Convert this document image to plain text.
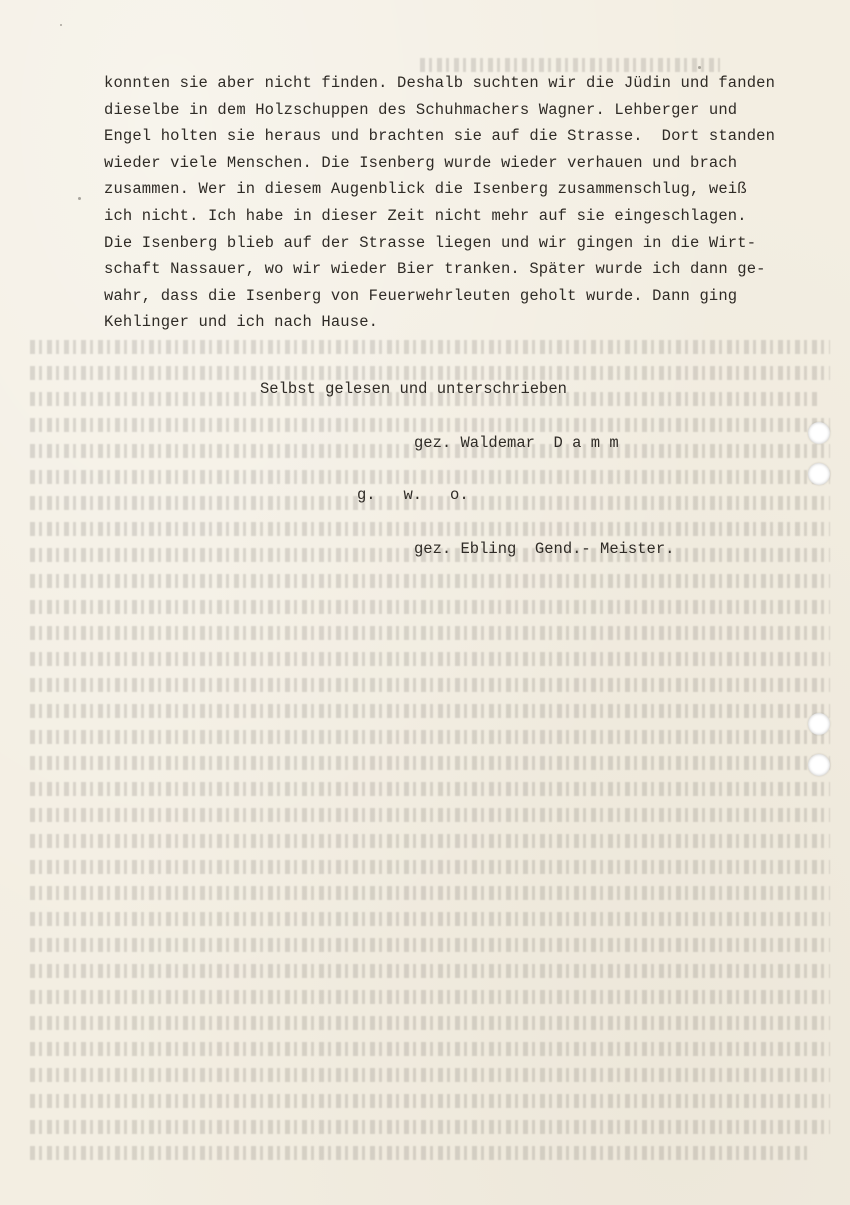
konnten sie aber nicht finden. Deshalb suchten wir die Jüdin und fanden
dieselbe in dem Holzschuppen des Schuhmachers Wagner. Lehberger und
Engel holten sie heraus und brachten sie auf die Strasse.  Dort standen
wieder viele Menschen. Die Isenberg wurde wieder verhauen und brach
zusammen. Wer in diesem Augenblick die Isenberg zusammenschlug, weiß
ich nicht. Ich habe in dieser Zeit nicht mehr auf sie eingeschlagen.
Die Isenberg blieb auf der Strasse liegen und wir gingen in die Wirt-
schaft Nassauer, wo wir wieder Bier tranken. Später wurde ich dann ge-
wahr, dass die Isenberg von Feuerwehrleuten geholt wurde. Dann ging
Kehlinger und ich nach Hause.
Selbst gelesen und unterschrieben
gez. Waldemar  D a m m
g.   w.   o.
gez. Ebling  Gend.- Meister.
